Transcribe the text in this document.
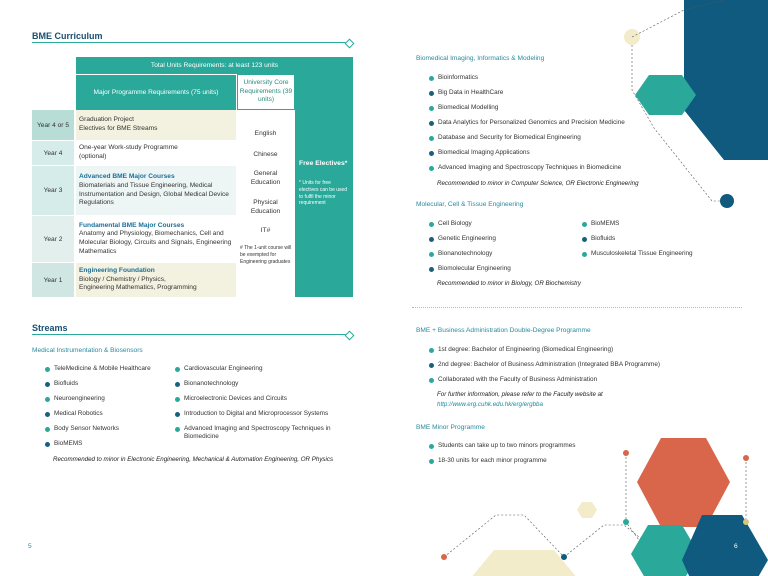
BME Curriculum
Total Units Requirements: at least 123 units
Major Programme Requirements (75 units)
University Core Requirements (39 units)
Free Electives*
* Units for free electives can be used to fulfil the minor requirement
English
Chinese
General Education
Physical Education
IT#
# The 1-unit course will be exempted for Engineering graduates
Year 4 or 5
Graduation Project
Electives for BME Streams
Year 4
One-year Work-study Programme
(optional)
Year 3
Advanced BME Major Courses
Biomaterials and Tissue Engineering, Medical Instrumentation and Design, Global Medical Device Regulations
Year 2
Fundamental BME Major Courses
Anatomy and Physiology, Biomechanics, Cell and Molecular Biology, Circuits and Signals, Engineering Mathematics
Year 1
Engineering Foundation
Biology / Chemistry / Physics,
Engineering Mathematics, Programming
Streams
Medical Instrumentation & Biosensors
TeleMedicine & Mobile Healthcare
Biofluids
Neuroengineering
Medical Robotics
Body Sensor Networks
BioMEMS
Cardiovascular Engineering
Bionanotechnology
Microelectronic Devices and Circuits
Introduction to Digital and Microprocessor Systems
Advanced Imaging and Spectroscopy Techniques in Biomedicine
Recommended to minor in Electronic Engineering, Mechanical & Automation Engineering, OR Physics
5
Biomedical Imaging, Informatics & Modeling
Bioinformatics
Big Data in HealthCare
Biomedical Modelling
Data Analytics for Personalized Genomics and Precision Medicine
Database and Security for Biomedical Engineering
Biomedical Imaging Applications
Advanced Imaging and Spectroscopy Techniques in Biomedicine
Recommended to minor in Computer Science, OR Electronic Engineering
Molecular, Cell & Tissue Engineering
Cell Biology
Genetic Engineering
Bionanotechnology
Biomolecular Engineering
BioMEMS
Biofluids
Musculoskeletal Tissue Engineering
Recommended to minor in Biology, OR Biochemistry
BME + Business Administration Double-Degree Programme
1st degree: Bachelor of Engineering (Biomedical Engineering)
2nd degree: Bachelor of Business Administration (Integrated BBA Programme)
Collaborated with the Faculty of Business Administration
For further information, please refer to the Faculty website at
http://www.erg.cuhk.edu.hk/erg/ergbba
BME Minor Programme
Students can take up to two minors programmes
18-30 units for each minor programme
6
